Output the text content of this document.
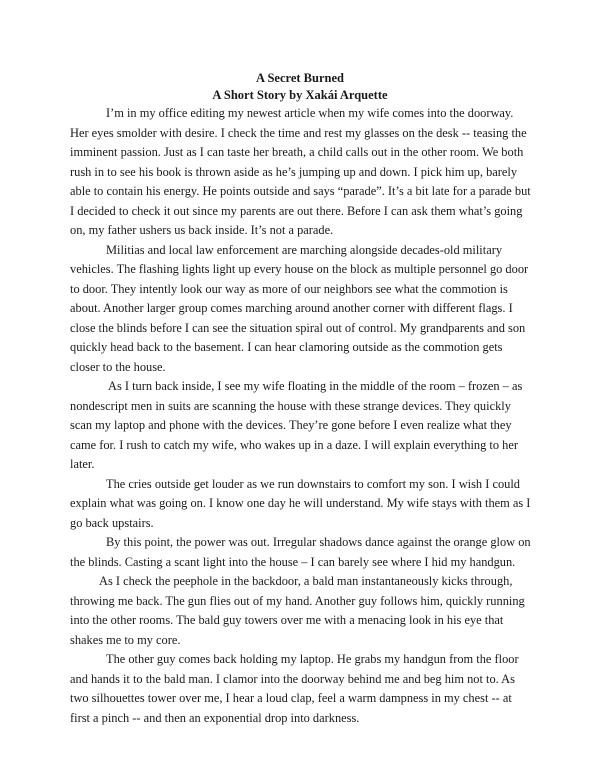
A Secret Burned
A Short Story by Xakái Arquette

I’m in my office editing my newest article when my wife comes into the doorway. Her eyes smolder with desire. I check the time and rest my glasses on the desk -- teasing the imminent passion. Just as I can taste her breath, a child calls out in the other room. We both rush in to see his book is thrown aside as he’s jumping up and down. I pick him up, barely able to contain his energy. He points outside and says “parade”. It’s a bit late for a parade but I decided to check it out since my parents are out there. Before I can ask them what’s going on, my father ushers us back inside. It’s not a parade.

Militias and local law enforcement are marching alongside decades-old military vehicles. The flashing lights light up every house on the block as multiple personnel go door to door. They intently look our way as more of our neighbors see what the commotion is about. Another larger group comes marching around another corner with different flags. I close the blinds before I can see the situation spiral out of control. My grandparents and son quickly head back to the basement. I can hear clamoring outside as the commotion gets closer to the house.

As I turn back inside, I see my wife floating in the middle of the room – frozen – as nondescript men in suits are scanning the house with these strange devices. They quickly scan my laptop and phone with the devices. They’re gone before I even realize what they came for. I rush to catch my wife, who wakes up in a daze. I will explain everything to her later.

The cries outside get louder as we run downstairs to comfort my son. I wish I could explain what was going on. I know one day he will understand. My wife stays with them as I go back upstairs.

By this point, the power was out. Irregular shadows dance against the orange glow on the blinds. Casting a scant light into the house – I can barely see where I hid my handgun.

As I check the peephole in the backdoor, a bald man instantaneously kicks through, throwing me back. The gun flies out of my hand. Another guy follows him, quickly running into the other rooms. The bald guy towers over me with a menacing look in his eye that shakes me to my core.

The other guy comes back holding my laptop. He grabs my handgun from the floor and hands it to the bald man. I clamor into the doorway behind me and beg him not to. As two silhouettes tower over me, I hear a loud clap, feel a warm dampness in my chest -- at first a pinch -- and then an exponential drop into darkness.
